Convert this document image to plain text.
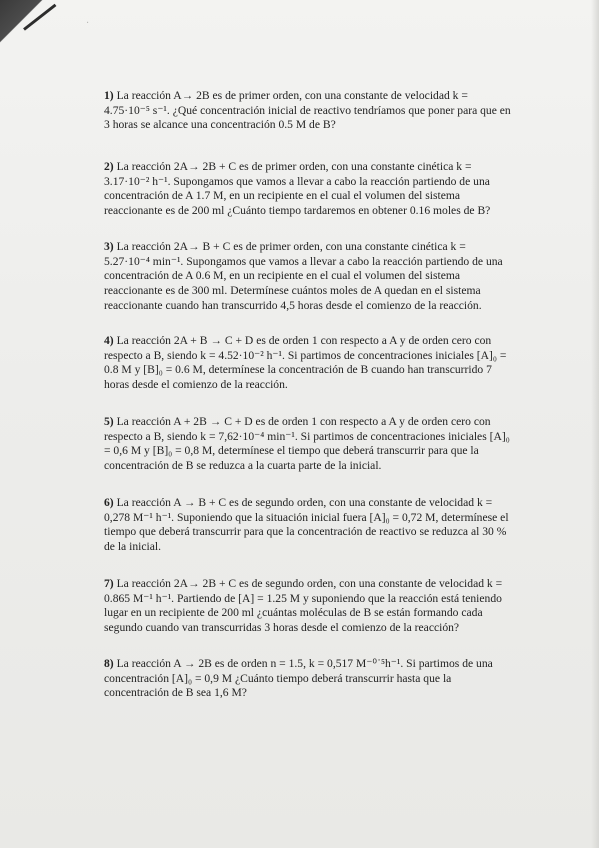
·

1) La reacción A→ 2B es de primer orden, con una constante de velocidad k = 4.75·10⁻⁵ s⁻¹. ¿Qué concentración inicial de reactivo tendríamos que poner para que en 3 horas se alcance una concentración 0.5 M de B?

2) La reacción 2A→ 2B + C es de primer orden, con una constante cinética k = 3.17·10⁻² h⁻¹. Supongamos que vamos a llevar a cabo la reacción partiendo de una concentración de A 1.7 M, en un recipiente en el cual el volumen del sistema reaccionante es de 200 ml ¿Cuánto tiempo tardaremos en obtener 0.16 moles de B?

3) La reacción 2A→ B + C es de primer orden, con una constante cinética k = 5.27·10⁻⁴ min⁻¹. Supongamos que vamos a llevar a cabo la reacción partiendo de una concentración de A 0.6 M, en un recipiente en el cual el volumen del sistema reaccionante es de 300 ml. Determínese cuántos moles de A quedan en el sistema reaccionante cuando han transcurrido 4,5 horas desde el comienzo de la reacción.

4) La reacción 2A + B → C + D es de orden 1 con respecto a A y de orden cero con respecto a B, siendo k = 4.52·10⁻² h⁻¹. Si partimos de concentraciones iniciales [A]₀ = 0.8 M y [B]₀ = 0.6 M, determínese la concentración de B cuando han transcurrido 7 horas desde el comienzo de la reacción.

5) La reacción A + 2B → C + D es de orden 1 con respecto a A y de orden cero con respecto a B, siendo k = 7,62·10⁻⁴ min⁻¹. Si partimos de concentraciones iniciales [A]₀ = 0,6 M y [B]₀ = 0,8 M, determínese el tiempo que deberá transcurrir para que la concentración de B se reduzca a la cuarta parte de la inicial.

6) La reacción A → B + C es de segundo orden, con una constante de velocidad k = 0,278 M⁻¹ h⁻¹. Suponiendo que la situación inicial fuera [A]₀ = 0,72 M, determínese el tiempo que deberá transcurrir para que la concentración de reactivo se reduzca al 30 % de la inicial.

7) La reacción 2A→ 2B + C es de segundo orden, con una constante de velocidad k = 0.865 M⁻¹ h⁻¹. Partiendo de [A] = 1.25 M y suponiendo que la reacción está teniendo lugar en un recipiente de 200 ml ¿cuántas moléculas de B se están formando cada segundo cuando van transcurridas 3 horas desde el comienzo de la reacción?

8) La reacción A → 2B es de orden n = 1.5, k = 0,517 M⁻⁰˙⁵h⁻¹. Si partimos de una concentración [A]₀ = 0,9 M ¿Cuánto tiempo deberá transcurrir hasta que la concentración de B sea 1,6 M?
